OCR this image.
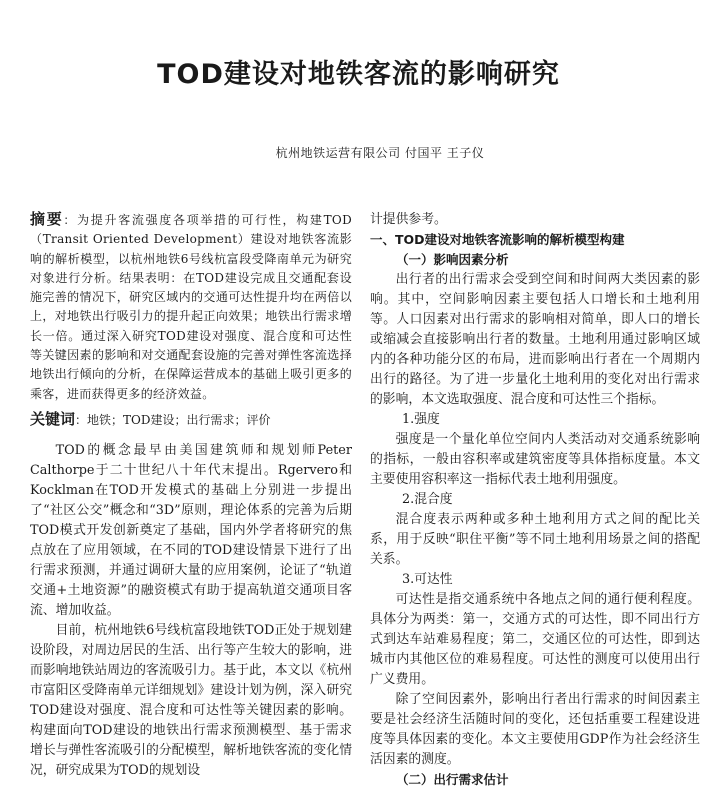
TOD建设对地铁客流的影响研究
杭州地铁运营有限公司 付国平 王子仪

摘要：为提升客流强度各项举措的可行性，构建TOD（Transit Oriented Development）建设对地铁客流影响的解析模型，以杭州地铁6号线杭富段受降南单元为研究对象进行分析。结果表明：在TOD建设完成且交通配套设施完善的情况下，研究区域内的交通可达性提升均在两倍以上，对地铁出行吸引力的提升起正向效果；地铁出行需求增长一倍。通过深入研究TOD建设对强度、混合度和可达性等关键因素的影响和对交通配套设施的完善对弹性客流选择地铁出行倾向的分析，在保障运营成本的基础上吸引更多的乘客，进而获得更多的经济效益。

关键词：地铁；TOD建设；出行需求；评价

TOD的概念最早由美国建筑师和规划师Peter Calthorpe于二十世纪八十年代末提出。Rgervero和Kocklman在TOD开发模式的基础上分别进一步提出了“社区公交”概念和“3D”原则，理论体系的完善为后期TOD模式开发创新奠定了基础，国内外学者将研究的焦点放在了应用领域，在不同的TOD建设情景下进行了出行需求预测，并通过调研大量的应用案例，论证了“轨道交通+土地资源”的融资模式有助于提高轨道交通项目客流、增加收益。

目前，杭州地铁6号线杭富段地铁TOD正处于规划建设阶段，对周边居民的生活、出行等产生较大的影响，进而影响地铁站周边的客流吸引力。基于此，本文以《杭州市富阳区受降南单元详细规划》建设计划为例，深入研究TOD建设对强度、混合度和可达性等关键因素的影响。构建面向TOD建设的地铁出行需求预测模型、基于需求增长与弹性客流吸引的分配模型，解析地铁客流的变化情况，研究成果为TOD的规划设

计提供参考。

一、TOD建设对地铁客流影响的解析模型构建

（一）影响因素分析

出行者的出行需求会受到空间和时间两大类因素的影响。其中，空间影响因素主要包括人口增长和土地利用等。人口因素对出行需求的影响相对简单，即人口的增长或缩减会直接影响出行者的数量。土地利用通过影响区域内的各种功能分区的布局，进而影响出行者在一个周期内出行的路径。为了进一步量化土地利用的变化对出行需求的影响，本文选取强度、混合度和可达性三个指标。

1.强度

强度是一个量化单位空间内人类活动对交通系统影响的指标，一般由容积率或建筑密度等具体指标度量。本文主要使用容积率这一指标代表土地利用强度。

2.混合度

混合度表示两种或多种土地利用方式之间的配比关系，用于反映“职住平衡”等不同土地利用场景之间的搭配关系。

3.可达性

可达性是指交通系统中各地点之间的通行便利程度。具体分为两类：第一，交通方式的可达性，即不同出行方式到达车站难易程度；第二，交通区位的可达性，即到达城市内其他区位的难易程度。可达性的测度可以使用出行广义费用。

除了空间因素外，影响出行者出行需求的时间因素主要是社会经济生活随时间的变化，还包括重要工程建设进度等具体因素的变化。本文主要使用GDP作为社会经济生活因素的测度。

（二）出行需求估计
